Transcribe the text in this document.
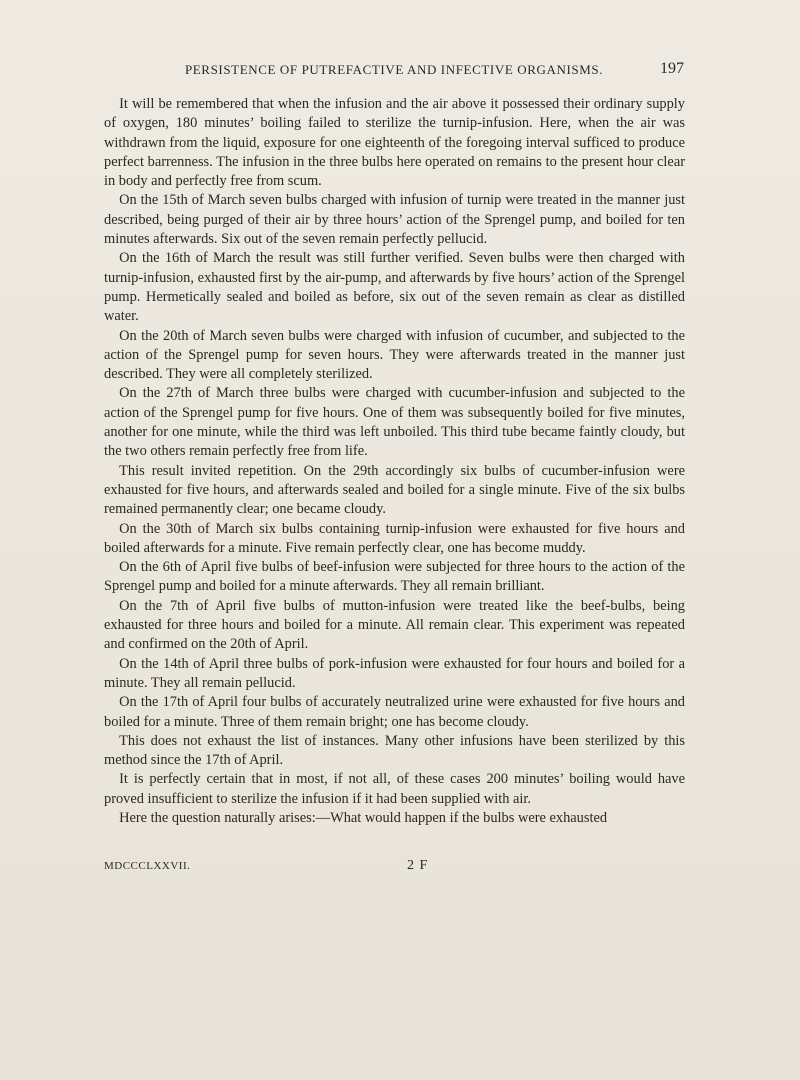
PERSISTENCE OF PUTREFACTIVE AND INFECTIVE ORGANISMS.	197

It will be remembered that when the infusion and the air above it possessed their ordinary supply of oxygen, 180 minutes’ boiling failed to sterilize the turnip-infusion. Here, when the air was withdrawn from the liquid, exposure for one eighteenth of the foregoing interval sufficed to produce perfect barrenness. The infusion in the three bulbs here operated on remains to the present hour clear in body and perfectly free from scum.

On the 15th of March seven bulbs charged with infusion of turnip were treated in the manner just described, being purged of their air by three hours’ action of the Sprengel pump, and boiled for ten minutes afterwards. Six out of the seven remain perfectly pellucid.

On the 16th of March the result was still further verified. Seven bulbs were then charged with turnip-infusion, exhausted first by the air-pump, and afterwards by five hours’ action of the Sprengel pump. Hermetically sealed and boiled as before, six out of the seven remain as clear as distilled water.

On the 20th of March seven bulbs were charged with infusion of cucumber, and subjected to the action of the Sprengel pump for seven hours. They were afterwards treated in the manner just described. They were all completely sterilized.

On the 27th of March three bulbs were charged with cucumber-infusion and subjected to the action of the Sprengel pump for five hours. One of them was subsequently boiled for five minutes, another for one minute, while the third was left unboiled. This third tube became faintly cloudy, but the two others remain perfectly free from life.

This result invited repetition. On the 29th accordingly six bulbs of cucumber-infusion were exhausted for five hours, and afterwards sealed and boiled for a single minute. Five of the six bulbs remained permanently clear; one became cloudy.

On the 30th of March six bulbs containing turnip-infusion were exhausted for five hours and boiled afterwards for a minute. Five remain perfectly clear, one has become muddy.

On the 6th of April five bulbs of beef-infusion were subjected for three hours to the action of the Sprengel pump and boiled for a minute afterwards. They all remain brilliant.

On the 7th of April five bulbs of mutton-infusion were treated like the beef-bulbs, being exhausted for three hours and boiled for a minute. All remain clear. This experiment was repeated and confirmed on the 20th of April.

On the 14th of April three bulbs of pork-infusion were exhausted for four hours and boiled for a minute. They all remain pellucid.

On the 17th of April four bulbs of accurately neutralized urine were exhausted for five hours and boiled for a minute. Three of them remain bright; one has become cloudy.

This does not exhaust the list of instances. Many other infusions have been sterilized by this method since the 17th of April.

It is perfectly certain that in most, if not all, of these cases 200 minutes’ boiling would have proved insufficient to sterilize the infusion if it had been supplied with air.

Here the question naturally arises:—What would happen if the bulbs were exhausted

MDCCCLXXVII.	2 F
